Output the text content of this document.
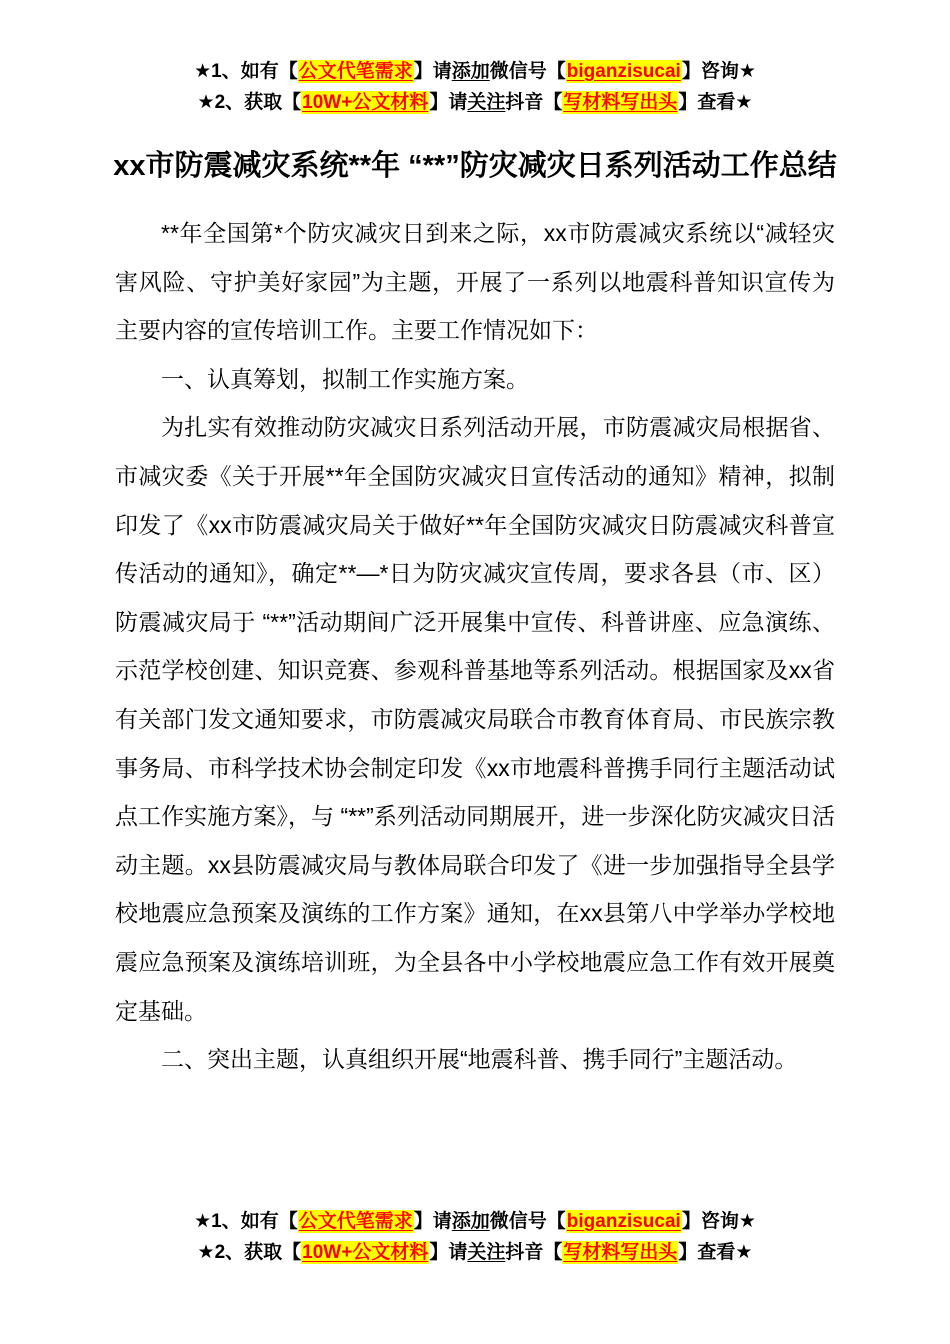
★1、如有【公文代笔需求】请添加微信号【biganzisucai】咨询★
★2、获取【10W+公文材料】请关注抖音【写材料写出头】查看★
xx市防震减灾系统**年 “**”防灾减灾日系列活动工作总结

**年全国第*个防灾减灾日到来之际，xx市防震减灾系统以“减轻灾害风险、守护美好家园”为主题，开展了一系列以地震科普知识宣传为主要内容的宣传培训工作。主要工作情况如下：

一、认真筹划，拟制工作实施方案。

为扎实有效推动防灾减灾日系列活动开展，市防震减灾局根据省、市减灾委《关于开展**年全国防灾减灾日宣传活动的通知》精神，拟制印发了《xx市防震减灾局关于做好**年全国防灾减灾日防震减灾科普宣传活动的通知》，确定**—*日为防灾减灾宣传周，要求各县（市、区）防震减灾局于 “**”活动期间广泛开展集中宣传、科普讲座、应急演练、示范学校创建、知识竞赛、参观科普基地等系列活动。根据国家及xx省有关部门发文通知要求，市防震减灾局联合市教育体育局、市民族宗教事务局、市科学技术协会制定印发《xx市地震科普携手同行主题活动试点工作实施方案》，与 “**”系列活动同期展开，进一步深化防灾减灾日活动主题。xx县防震减灾局与教体局联合印发了《进一步加强指导全县学校地震应急预案及演练的工作方案》通知，在xx县第八中学举办学校地震应急预案及演练培训班，为全县各中小学校地震应急工作有效开展奠定基础。

二、突出主题，认真组织开展“地震科普、携手同行”主题活动。

★1、如有【公文代笔需求】请添加微信号【biganzisucai】咨询★
★2、获取【10W+公文材料】请关注抖音【写材料写出头】查看★
